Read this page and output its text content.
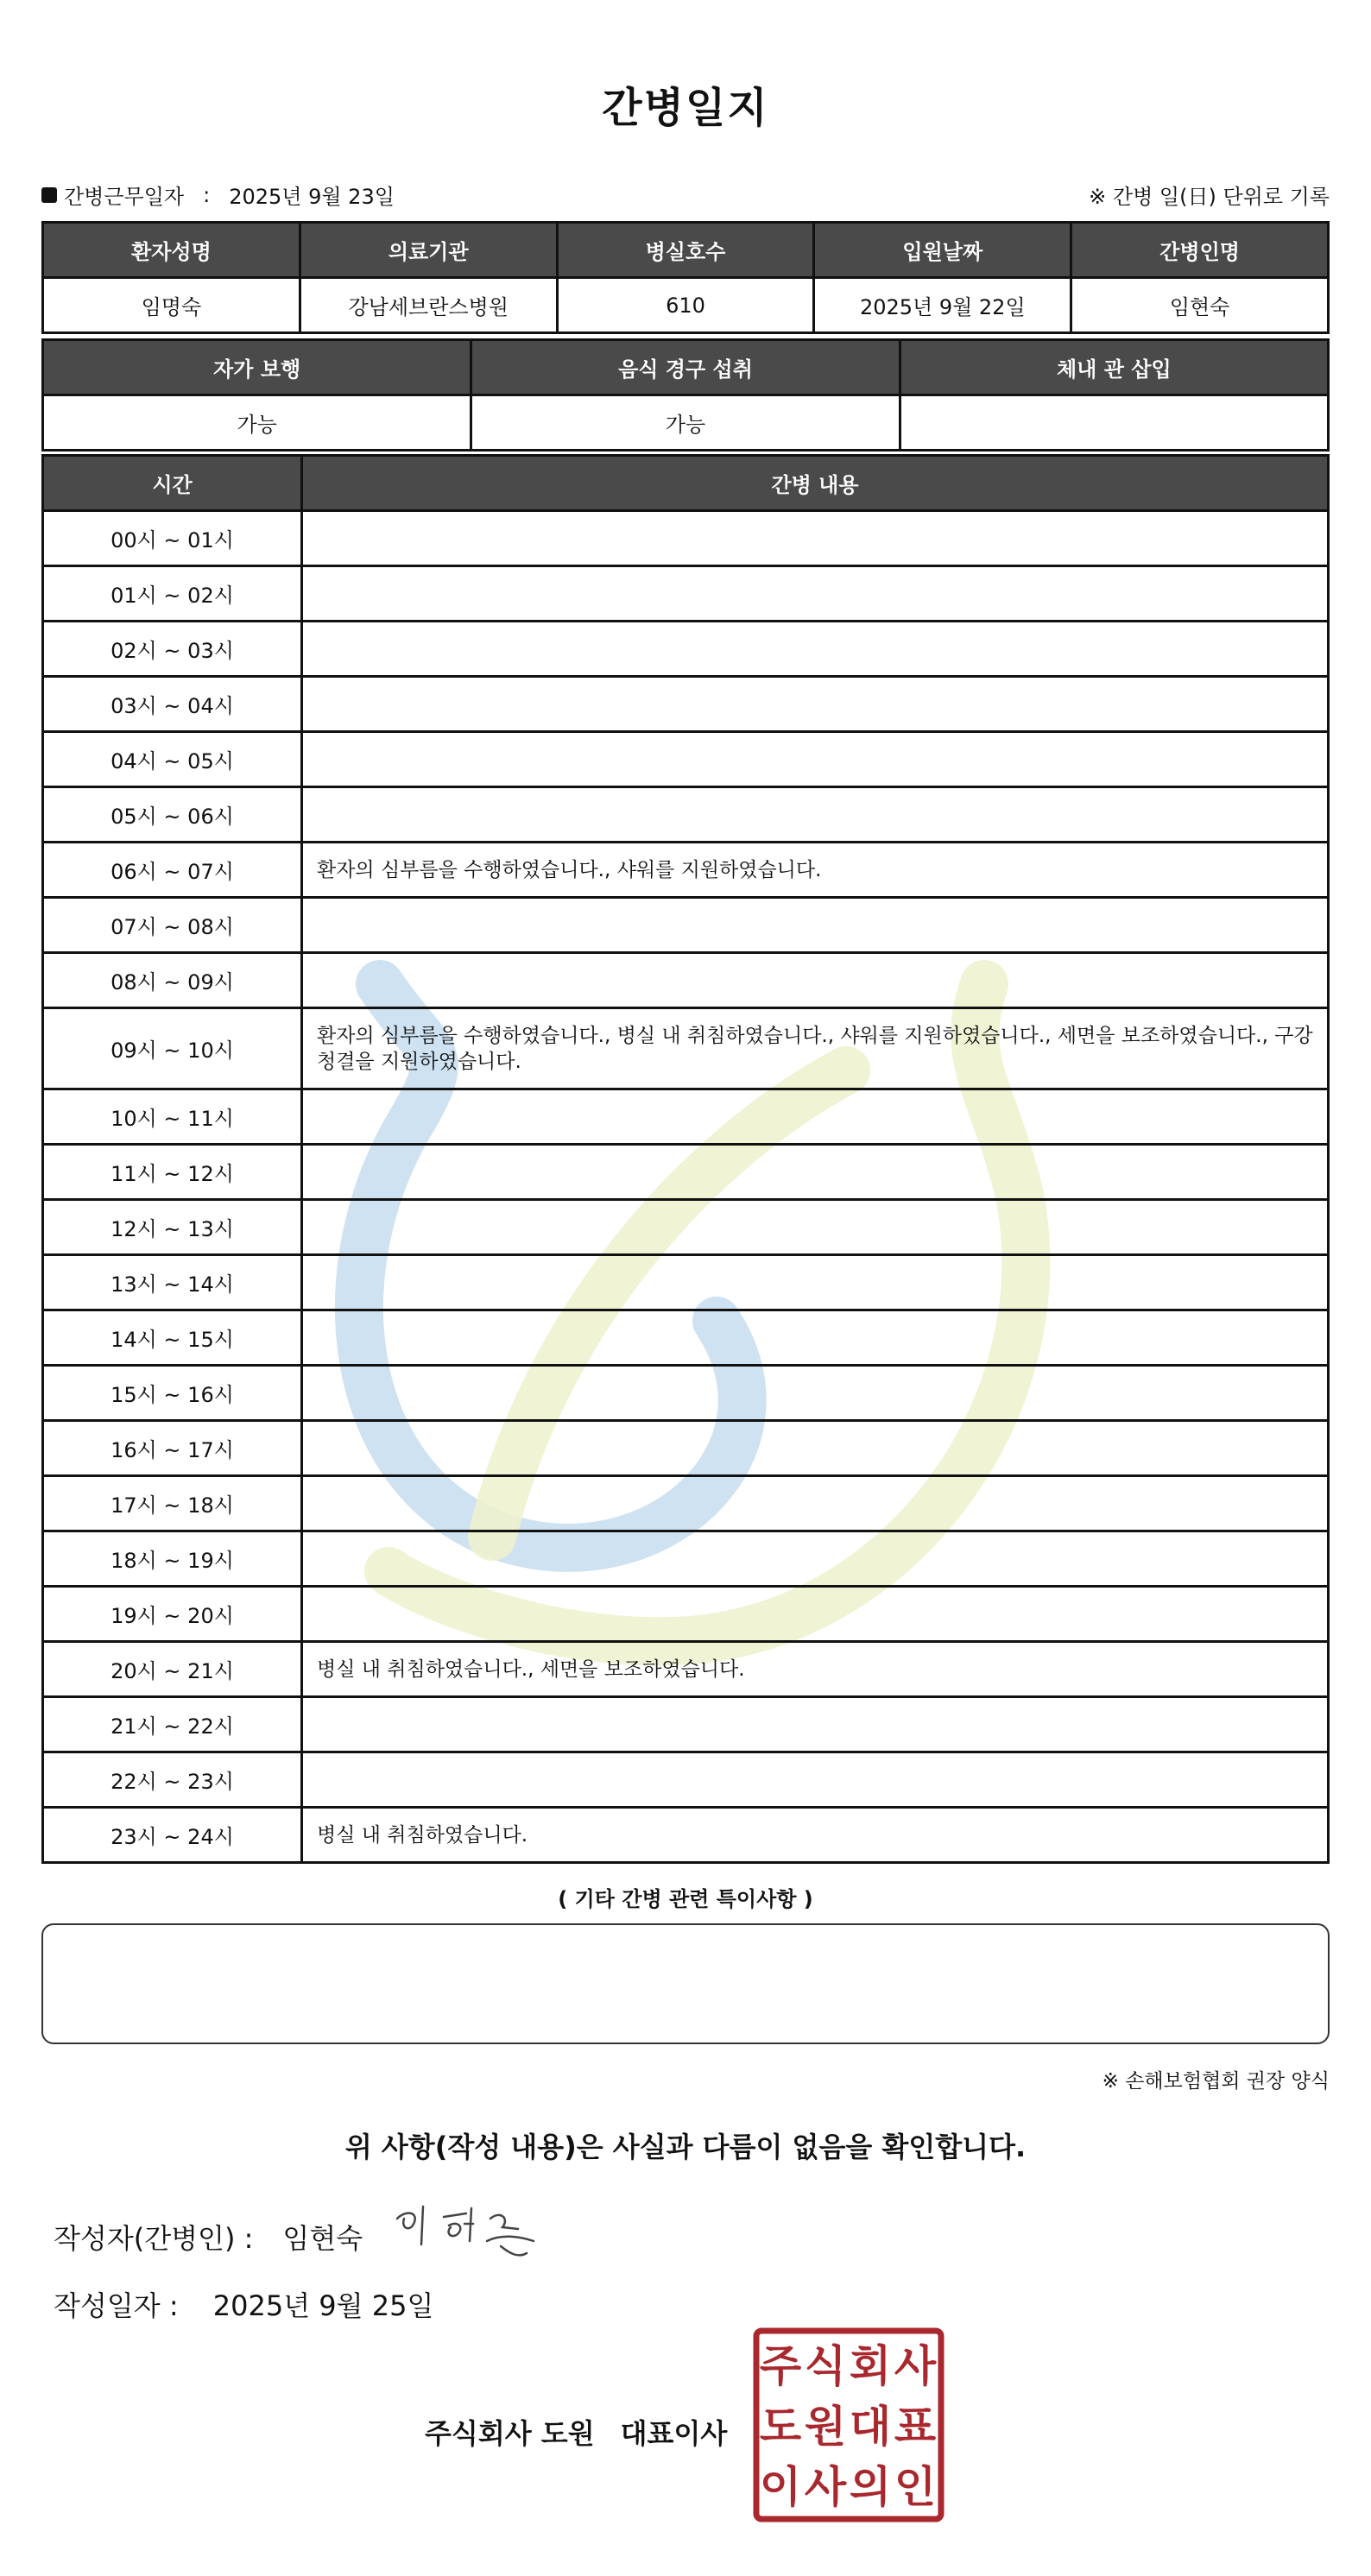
간병일지
간병근무일자 : 2025년 9월 23일	※ 간병 일(日) 단위로 기록
환자성명	의료기관	병실호수	입원날짜	간병인명
임명숙	강남세브란스병원	610	2025년 9월 22일	임현숙
자가 보행	음식 경구 섭취	체내 관 삽입
가능	가능	
시간	간병 내용
00시 ~ 01시	
01시 ~ 02시	
02시 ~ 03시	
03시 ~ 04시	
04시 ~ 05시	
05시 ~ 06시	
06시 ~ 07시	환자의 심부름을 수행하였습니다., 샤워를 지원하였습니다.
07시 ~ 08시	
08시 ~ 09시	
09시 ~ 10시	환자의 심부름을 수행하였습니다., 병실 내 취침하였습니다., 샤워를 지원하였습니다., 세면을 보조하였습니다., 구강청결을 지원하였습니다.
10시 ~ 11시	
11시 ~ 12시	
12시 ~ 13시	
13시 ~ 14시	
14시 ~ 15시	
15시 ~ 16시	
16시 ~ 17시	
17시 ~ 18시	
18시 ~ 19시	
19시 ~ 20시	
20시 ~ 21시	병실 내 취침하였습니다., 세면을 보조하였습니다.
21시 ~ 22시	
22시 ~ 23시	
23시 ~ 24시	병실 내 취침하였습니다.
( 기타 간병 관련 특이사항 )
※ 손해보험협회 권장 양식
위 사항(작성 내용)은 사실과 다름이 없음을 확인합니다.
작성자(간병인) : 임현숙
작성일자 : 2025년 9월 25일
주식회사 도원 대표이사
주 식 회 사
도 원 대 표
이 사 의 인
